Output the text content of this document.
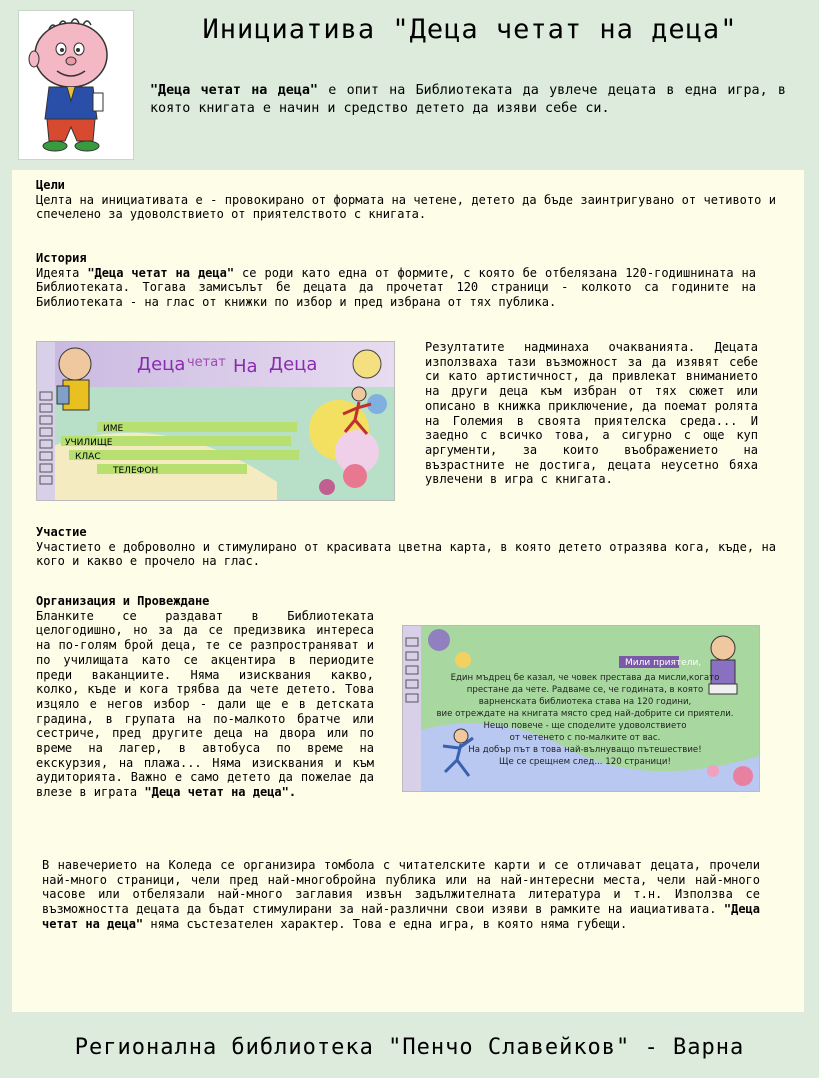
Инициатива "Деца четат на деца"
"Деца четат на деца" е опит на Библиотеката да увлече децата в една игра, в която книгата е начин и средство детето да изяви себе си.
Цели
Целта на инициативата е - провокирано от формата на четене, детето да бъде заинтригувано от четивото и спечелено за удоволствието от приятелството с книгата.
История
Идеята "Деца четат на деца" се роди като една от формите, с която бе отбелязана 120-годишнината на Библиотеката. Тогава замисълът бе децата да прочетат 120 страници - колкото са годините на Библиотеката - на глас от книжки по избор и пред избрана от тях публика.
Деца четат На Деца
ИМЕ
УЧИЛИЩЕ
КЛАС
ТЕЛЕФОН
Резултатите надминаха очакванията. Децата използваха тази възможност за да изявят себе си като артистичност, да привлекат вниманието на други деца към избран от тях сюжет или описано в книжка приключение, да поемат ролята на Големия в своята приятелска среда... И заедно с всичко това, а сигурно с още куп аргументи, за които въображението на възрастните не достига, децата неусетно бяха увлечени в игра с книгата.
Участие
Участието е доброволно и стимулирано от красивата цветна карта, в която детето отразява кога, къде, на кого и какво е прочело на глас.
Организация и Провеждане
Бланките се раздават в Библиотеката целогодишно, но за да се предизвика интереса на по-голям брой деца, те се разпространяват и по училищата като се акцентира в периодите преди ваканциите. Няма изисквания какво, колко, къде и кога трябва да чете детето. Това изцяло е негов избор - дали ще е в детската градина, в групата на по-малкото братче или сестриче, пред другите деца на двора или по време на лагер, в автобуса по време на екскурзия, на плажа... Няма изисквания и към аудиторията. Важно е само детето да пожелае да влезе в играта "Деца четат на деца".
Мили приятели,
Един мъдрец бе казал, че човек престава да мисли,когато
престане да чете. Радваме се, че годината, в която
варненската библиотека става на 120 години,
вие отреждате на книгата място сред най-добрите си приятели.
Нещо повече - ще споделите удоволствието
от четенето с по-малките от вас.
На добър път в това най-вълнуващо пътешествие!
Ще се срещнем след... 120 страници!
В навечерието на Коледа се организира томбола с читателските карти и се отличават децата, прочели най-много страници, чели пред най-многобройна публика или на най-интересни места, чели най-много часове или отбелязали най-много заглавия извън задължителната литература и т.н. Използва се възможността децата да бъдат стимулирани за най-различни свои изяви в рамките на иациативата. "Деца четат на деца" няма състезателен характер. Това е една игра, в която няма губещи.
Регионална библиотека "Пенчо Славейков" - Варна
